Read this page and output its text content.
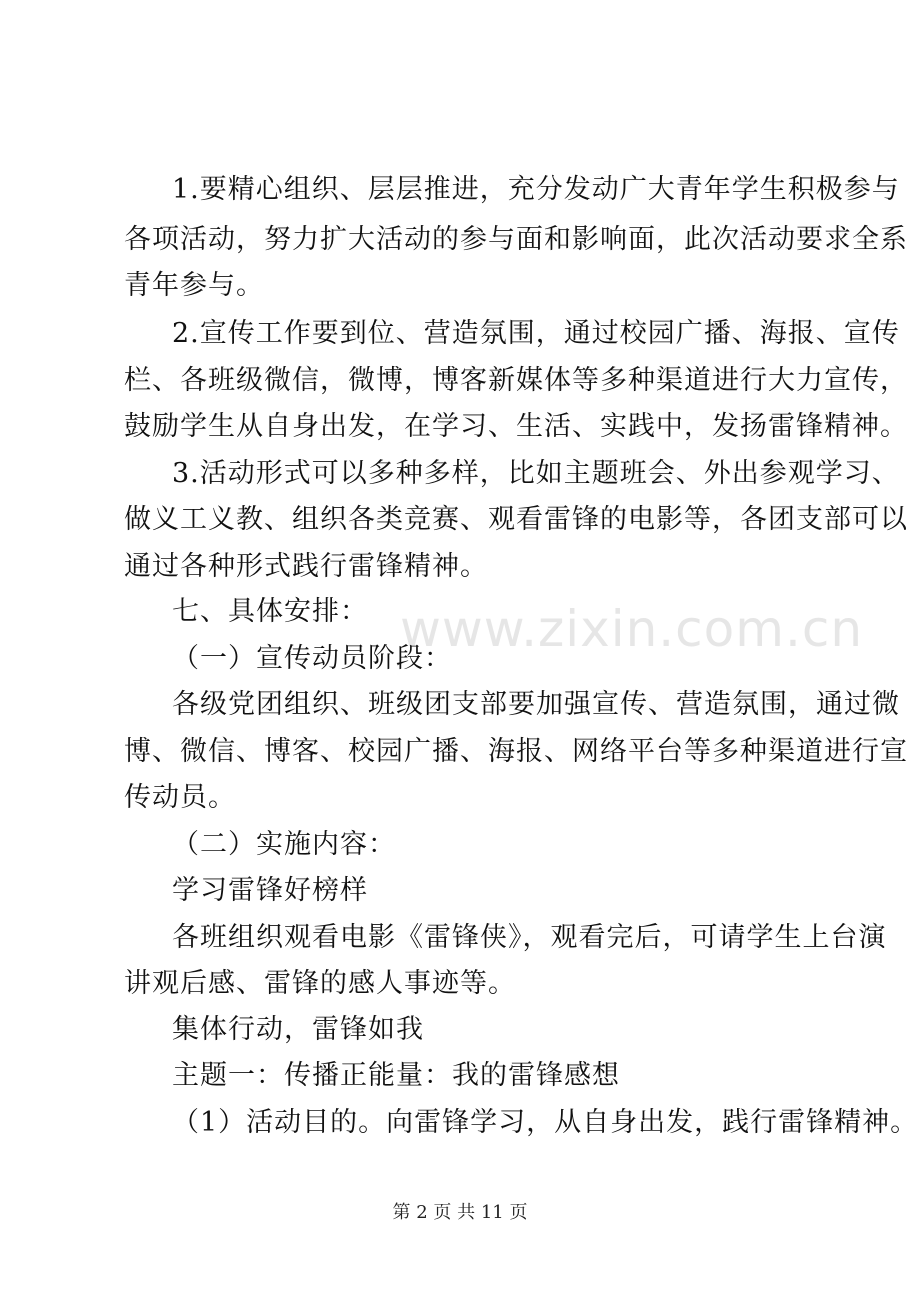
www.zixin.com.cn
1.要精心组织、层层推进，充分发动广大青年学生积极参与
各项活动，努力扩大活动的参与面和影响面，此次活动要求全系
青年参与。
2.宣传工作要到位、营造氛围，通过校园广播、海报、宣传
栏、各班级微信，微博，博客新媒体等多种渠道进行大力宣传，
鼓励学生从自身出发，在学习、生活、实践中，发扬雷锋精神。
3.活动形式可以多种多样，比如主题班会、外出参观学习、
做义工义教、组织各类竞赛、观看雷锋的电影等，各团支部可以
通过各种形式践行雷锋精神。
七、具体安排：
（一）宣传动员阶段：
各级党团组织、班级团支部要加强宣传、营造氛围，通过微
博、微信、博客、校园广播、海报、网络平台等多种渠道进行宣
传动员。
（二）实施内容：
学习雷锋好榜样
各班组织观看电影《雷锋侠》，观看完后，可请学生上台演
讲观后感、雷锋的感人事迹等。
集体行动，雷锋如我
主题一：传播正能量：我的雷锋感想
（1）活动目的。向雷锋学习，从自身出发，践行雷锋精神。
第 2 页 共 11 页
